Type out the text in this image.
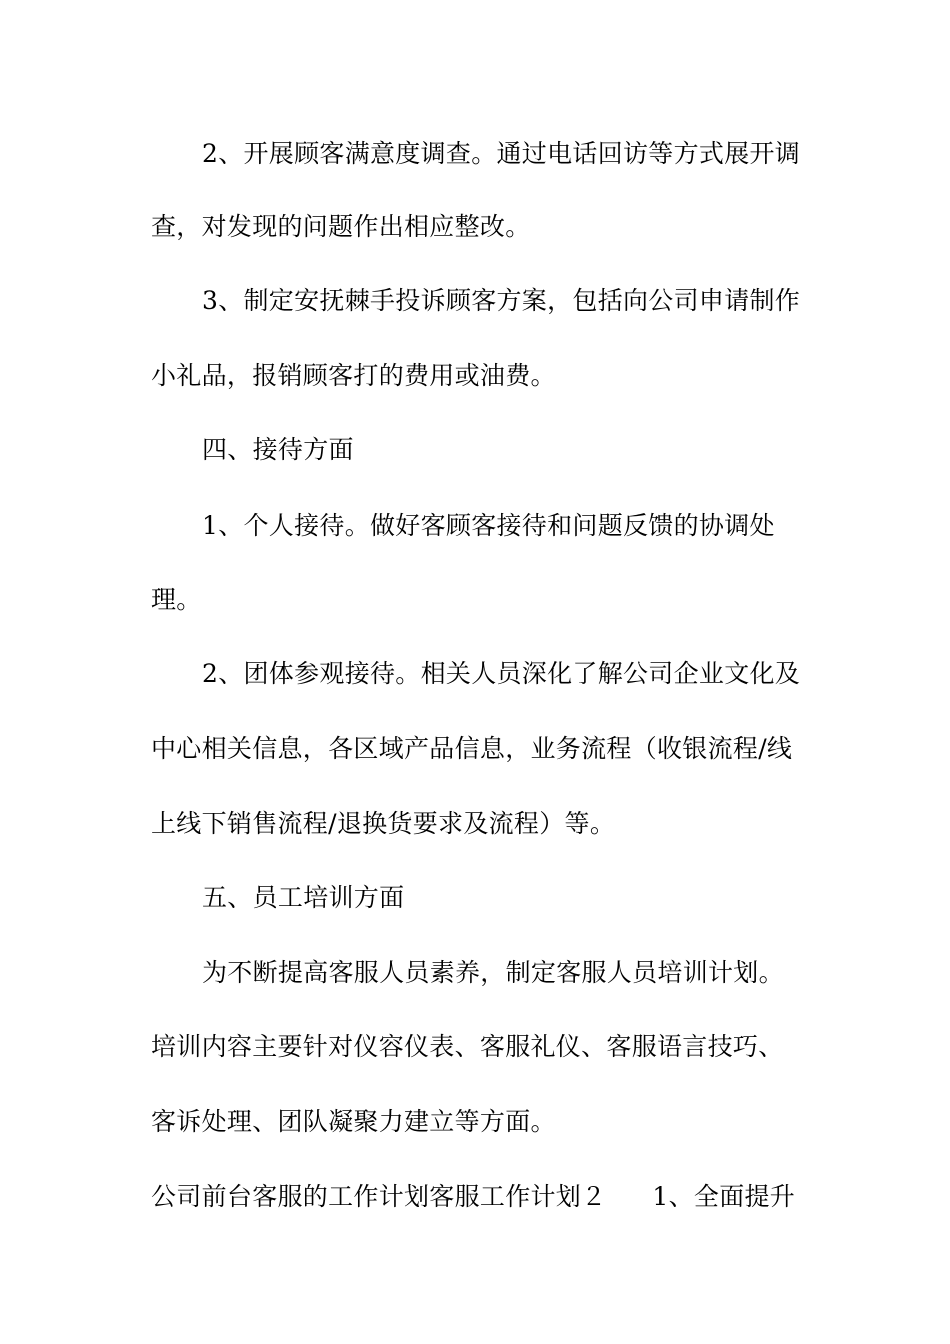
2、开展顾客满意度调查。通过电话回访等方式展开调
查，对发现的问题作出相应整改。
3、制定安抚棘手投诉顾客方案，包括向公司申请制作
小礼品，报销顾客打的费用或油费。
四、接待方面
1、个人接待。做好客顾客接待和问题反馈的协调处
理。
2、团体参观接待。相关人员深化了解公司企业文化及
中心相关信息，各区域产品信息，业务流程（收银流程/线
上线下销售流程/退换货要求及流程）等。
五、员工培训方面
为不断提高客服人员素养，制定客服人员培训计划。
培训内容主要针对仪容仪表、客服礼仪、客服语言技巧、
客诉处理、团队凝聚力建立等方面。
公司前台客服的工作计划客服工作计划２ 1、全面提升
